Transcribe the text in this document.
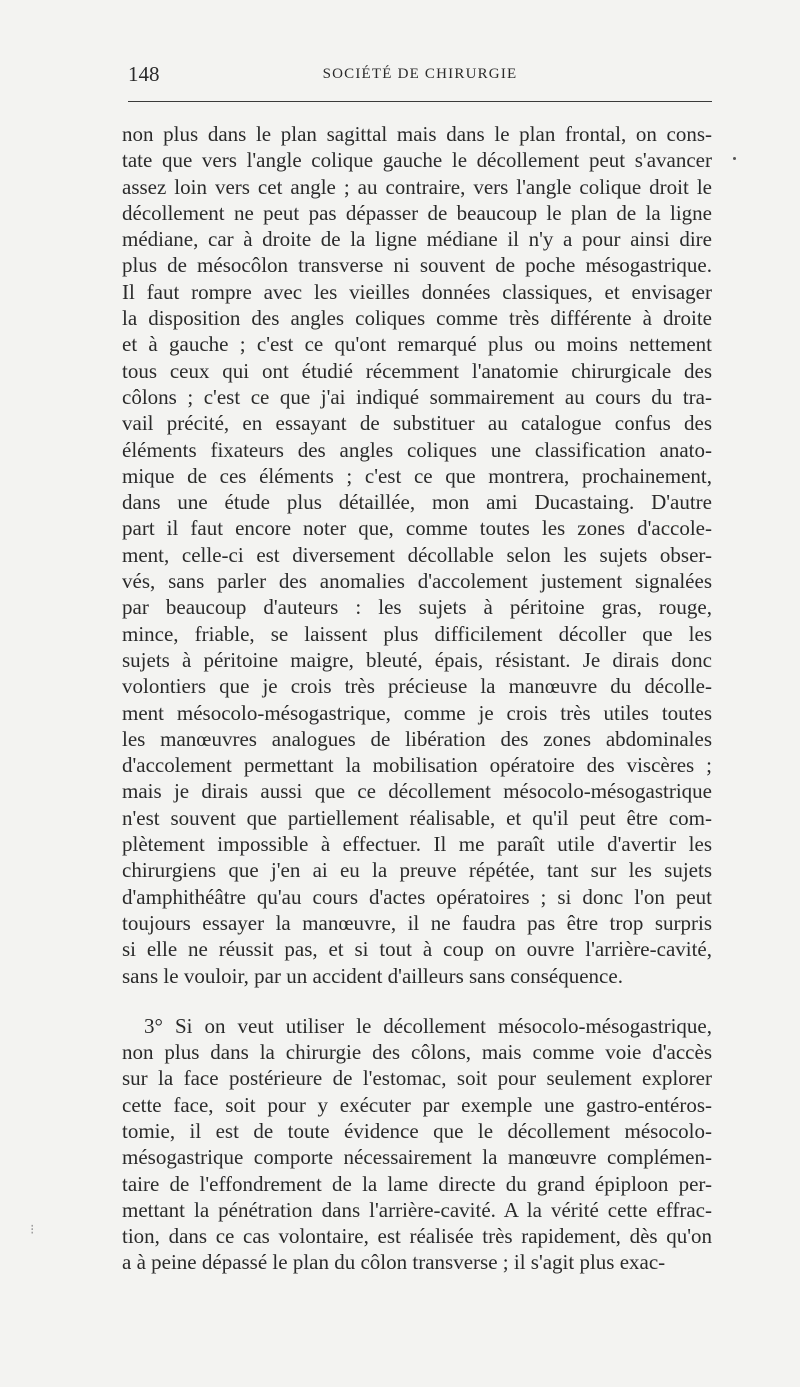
148	SOCIÉTÉ DE CHIRURGIE
⁝
non plus dans le plan sagittal mais dans le plan frontal, on cons-
tate que vers l'angle colique gauche le décollement peut s'avancer
assez loin vers cet angle ; au contraire, vers l'angle colique droit le
décollement ne peut pas dépasser de beaucoup le plan de la ligne
médiane, car à droite de la ligne médiane il n'y a pour ainsi dire
plus de mésocôlon transverse ni souvent de poche mésogastrique.
Il faut rompre avec les vieilles données classiques, et envisager
la disposition des angles coliques comme très différente à droite
et à gauche ; c'est ce qu'ont remarqué plus ou moins nettement
tous ceux qui ont étudié récemment l'anatomie chirurgicale des
côlons ; c'est ce que j'ai indiqué sommairement au cours du tra-
vail précité, en essayant de substituer au catalogue confus des
éléments fixateurs des angles coliques une classification anato-
mique de ces éléments ; c'est ce que montrera, prochainement,
dans une étude plus détaillée, mon ami Ducastaing. D'autre
part il faut encore noter que, comme toutes les zones d'accole-
ment, celle-ci est diversement décollable selon les sujets obser-
vés, sans parler des anomalies d'accolement justement signalées
par beaucoup d'auteurs : les sujets à péritoine gras, rouge,
mince, friable, se laissent plus difficilement décoller que les
sujets à péritoine maigre, bleuté, épais, résistant. Je dirais donc
volontiers que je crois très précieuse la manœuvre du décolle-
ment mésocolo-mésogastrique, comme je crois très utiles toutes
les manœuvres analogues de libération des zones abdominales
d'accolement permettant la mobilisation opératoire des viscères ;
mais je dirais aussi que ce décollement mésocolo-mésogastrique
n'est souvent que partiellement réalisable, et qu'il peut être com-
plètement impossible à effectuer. Il me paraît utile d'avertir les
chirurgiens que j'en ai eu la preuve répétée, tant sur les sujets
d'amphithéâtre qu'au cours d'actes opératoires ; si donc l'on peut
toujours essayer la manœuvre, il ne faudra pas être trop surpris
si elle ne réussit pas, et si tout à coup on ouvre l'arrière-cavité,
sans le vouloir, par un accident d'ailleurs sans conséquence.
3° Si on veut utiliser le décollement mésocolo-mésogastrique,
non plus dans la chirurgie des côlons, mais comme voie d'accès
sur la face postérieure de l'estomac, soit pour seulement explorer
cette face, soit pour y exécuter par exemple une gastro-entéros-
tomie, il est de toute évidence que le décollement mésocolo-
mésogastrique comporte nécessairement la manœuvre complémen-
taire de l'effondrement de la lame directe du grand épiploon per-
mettant la pénétration dans l'arrière-cavité. A la vérité cette effrac-
tion, dans ce cas volontaire, est réalisée très rapidement, dès qu'on
a à peine dépassé le plan du côlon transverse ; il s'agit plus exac-
